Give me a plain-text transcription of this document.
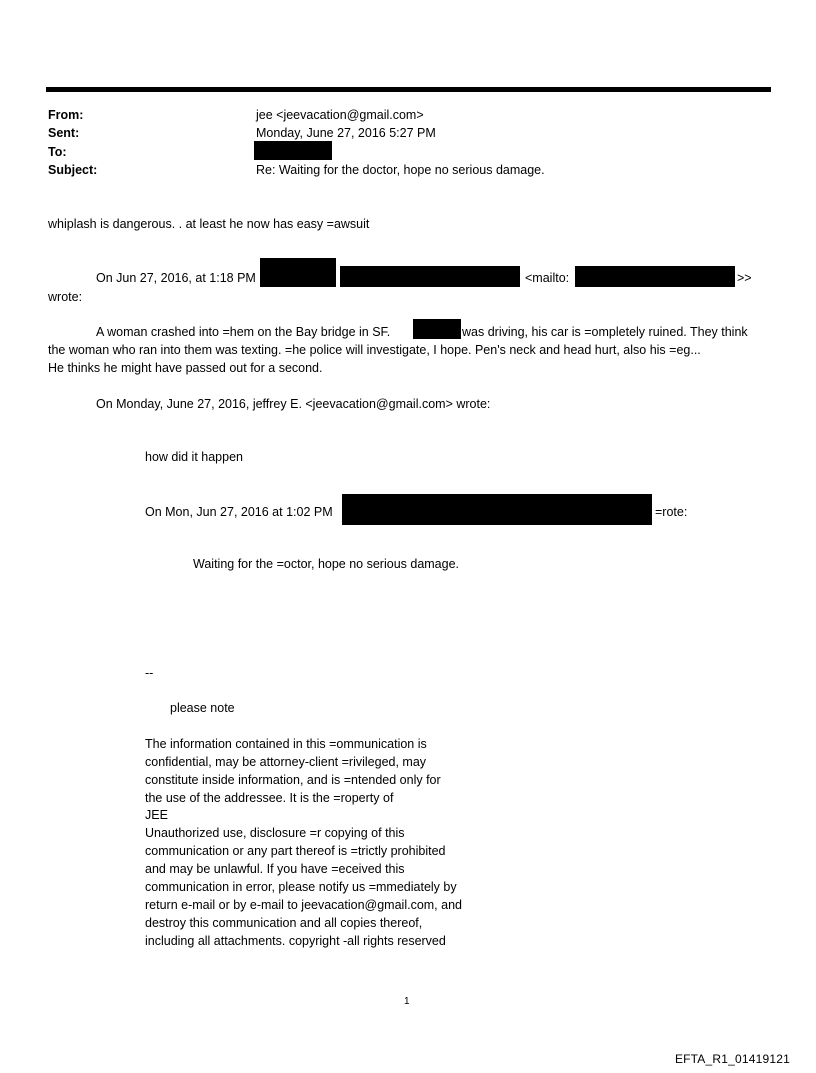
From:	jee <jeevacation@gmail.com>
Sent:	Monday, June 27, 2016 5:27 PM
To:
Subject:	Re: Waiting for the doctor, hope no serious damage.
whiplash is dangerous. . at least he now has easy =awsuit
On Jun 27, 2016, at 1:18 PM	<mailto:	>>
wrote:
A woman crashed into =hem on the Bay bridge in SF.	was driving, his car is =ompletely ruined. They think
the woman who ran into them was texting. =he police will investigate, I hope. Pen's neck and head hurt, also his =eg...
He thinks he might have passed out for a second.
On Monday, June 27, 2016, jeffrey E. <jeevacation@gmail.com> wrote:
how did it happen
On Mon, Jun 27, 2016 at 1:02 PM	=rote:
Waiting for the =octor, hope no serious damage.
--
please note
The information contained in this =ommunication is
confidential, may be attorney-client =rivileged, may
constitute inside information, and is =ntended only for
the use of the addressee. It is the =roperty of
JEE
Unauthorized use, disclosure =r copying of this
communication or any part thereof is =trictly prohibited
and may be unlawful. If you have =eceived this
communication in error, please notify us =mmediately by
return e-mail or by e-mail to jeevacation@gmail.com, and
destroy this communication and all copies thereof,
including all attachments. copyright -all rights reserved
1
EFTA_R1_01419121
